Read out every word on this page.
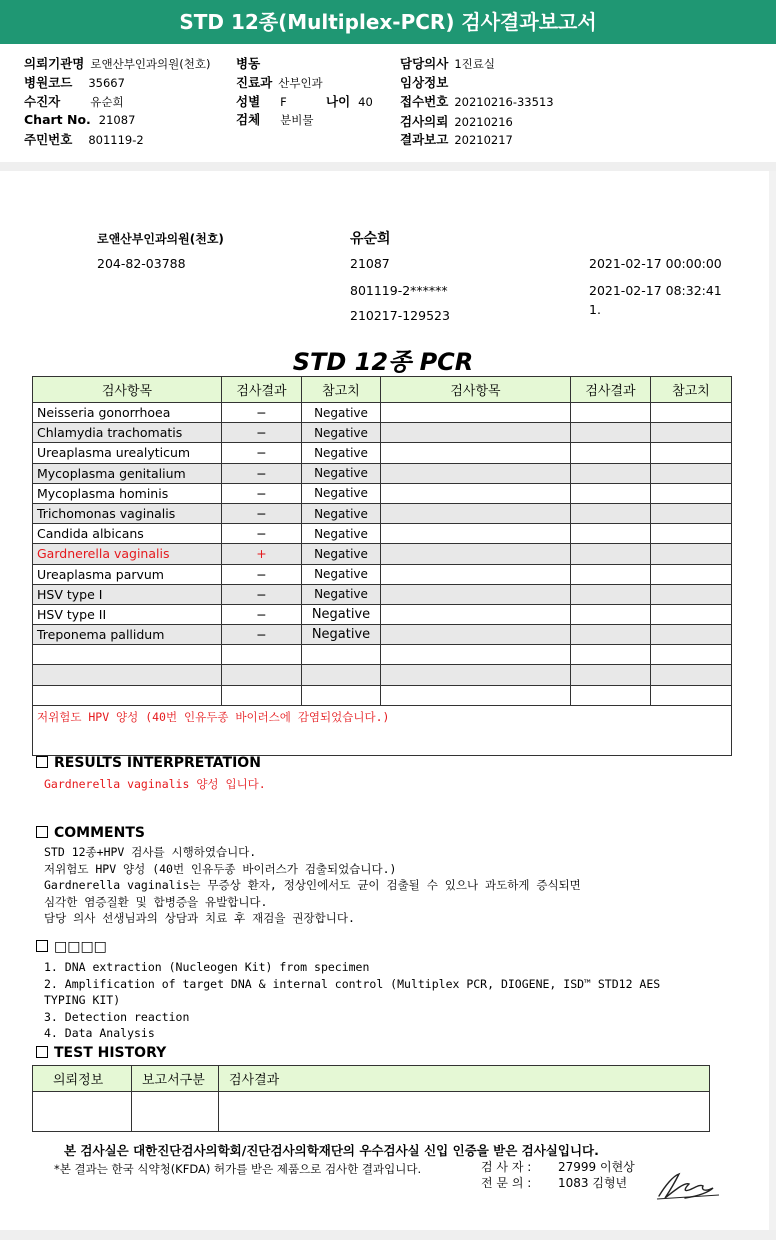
STD 12종(Multiplex-PCR) 검사결과보고서
의뢰기관명 로앤산부인과의원(천호)
병원코드 35667
수진자	유순희
Chart No. 21087
주민번호 801119-2
병동
진료과 산부인과
성별 F	나이 40
검체 분비물
담당의사 1진료실
임상정보
접수번호 20210216-33513
검사의뢰 20210216
결과보고 20210217
로앤산부인과의원(천호)
204-82-03788
유순희
21087
801119-2******
210217-129523
2021-02-17 00:00:00
2021-02-17 08:32:41
1.
STD 12종 PCR
검사항목	검사결과	참고치	검사항목	검사결과	참고치
Neisseria gonorrhoea	−	Negative			
Chlamydia trachomatis	−	Negative			
Ureaplasma urealyticum	−	Negative			
Mycoplasma genitalium	−	Negative			
Mycoplasma hominis	−	Negative			
Trichomonas vaginalis	−	Negative			
Candida albicans	−	Negative			
Gardnerella vaginalis	+	Negative			
Ureaplasma parvum	−	Negative			
HSV type I	−	Negative			
HSV type II	−	Negative			
Treponema pallidum	−	Negative			

저위험도 HPV 양성 (40번 인유두종 바이러스에 감염되었습니다.)					
RESULTS INTERPRETATION
Gardnerella vaginalis 양성 입니다.
COMMENTS
STD 12종+HPV 검사를 시행하였습니다.
저위험도 HPV 양성 (40번 인유두종 바이러스가 검출되었습니다.)
Gardnerella vaginalis는 무증상 환자, 정상인에서도 균이 검출될 수 있으나 과도하게 증식되면
심각한 염증질환 및 합병증을 유발합니다.
담당 의사 선생님과의 상담과 치료 후 재검을 권장합니다.
□□□□
1. DNA extraction (Nucleogen Kit) from specimen
2. Amplification of target DNA & internal control (Multiplex PCR, DIOGENE, ISD™ STD12 AES
TYPING KIT)
3. Detection reaction
4. Data Analysis
TEST HISTORY
의뢰정보	보고서구분	검사결과

본 검사실은 대한진단검사의학회/진단검사의학재단의 우수검사실 신입 인증을 받은 검사실입니다.
*본 결과는 한국 식약청(KFDA) 허가를 받은 제품으로 검사한 결과입니다.	검 사 자 : 27999 이현상
전 문 의 : 1083 김형년
